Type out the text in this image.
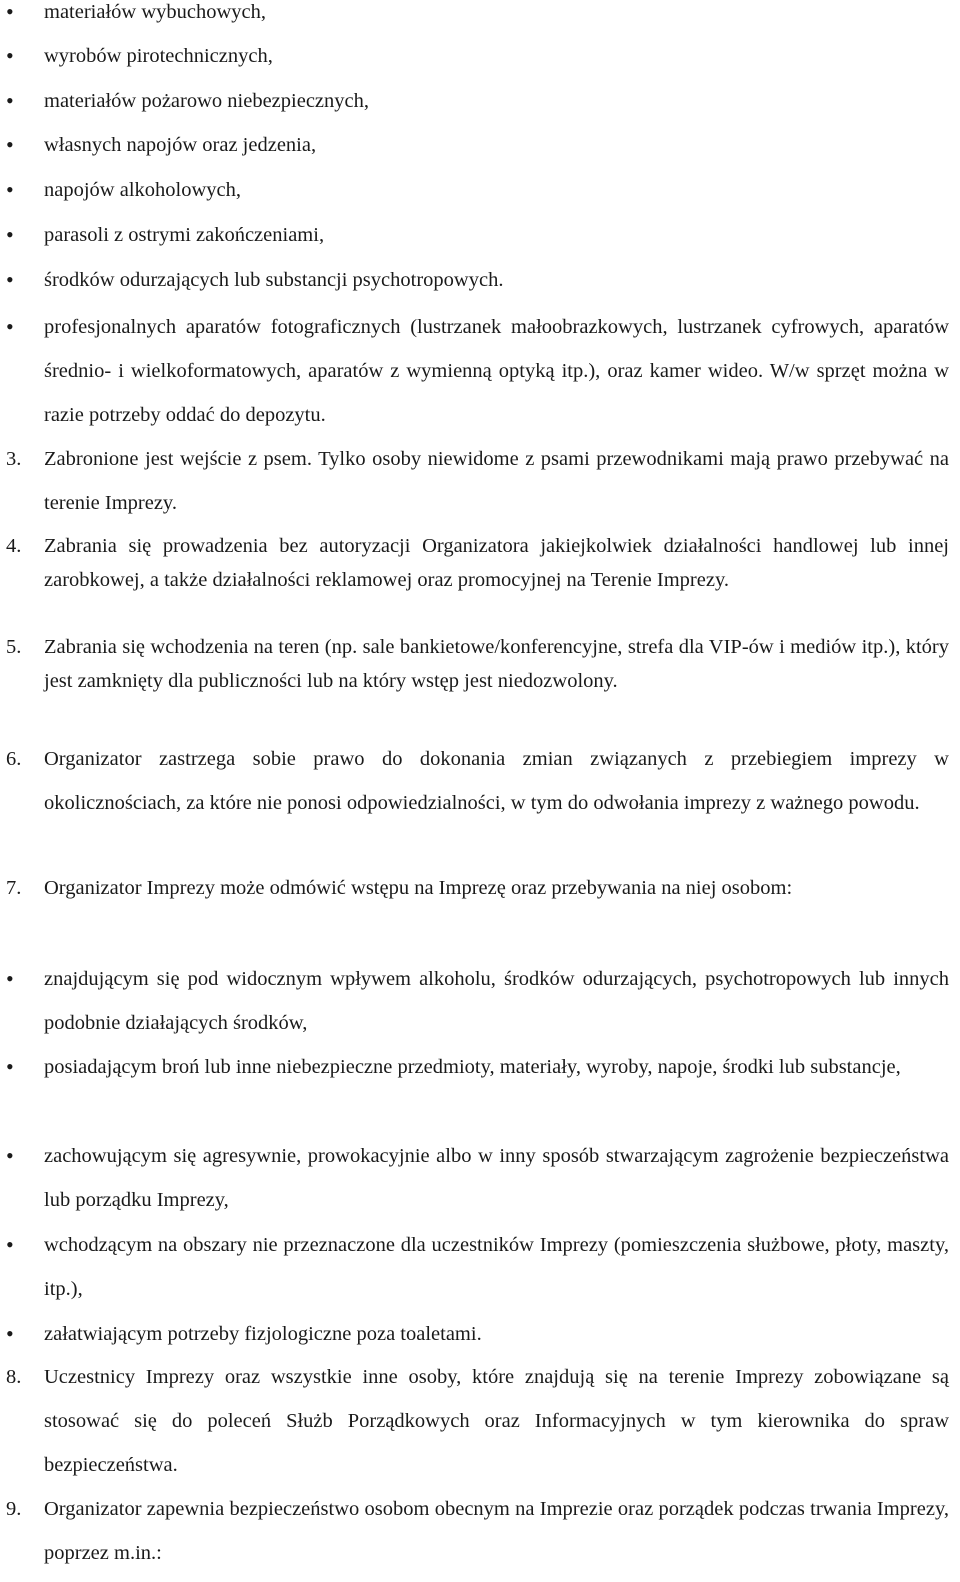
•	materiałów wybuchowych,
•	wyrobów pirotechnicznych,
•	materiałów pożarowo niebezpiecznych,
•	własnych napojów oraz jedzenia,
•	napojów alkoholowych,
•	parasoli z ostrymi zakończeniami,
•	środków odurzających lub substancji psychotropowych.
•	profesjonalnych aparatów fotograficznych (lustrzanek małoobrazkowych, lustrzanek cyfrowych, aparatów średnio- i wielkoformatowych, aparatów z wymienną optyką itp.), oraz kamer wideo. W/w sprzęt można w razie potrzeby oddać do depozytu.
3.	Zabronione jest wejście z psem. Tylko osoby niewidome z psami przewodnikami mają prawo przebywać na terenie Imprezy.
4.	Zabrania się prowadzenia bez autoryzacji Organizatora jakiejkolwiek działalności handlowej lub innej zarobkowej, a także działalności reklamowej oraz promocyjnej na Terenie Imprezy.
5.	Zabrania się wchodzenia na teren (np. sale bankietowe/konferencyjne, strefa dla VIP-ów i mediów itp.), który jest zamknięty dla publiczności lub na który wstęp jest niedozwolony.
6.	Organizator zastrzega sobie prawo do dokonania zmian związanych z przebiegiem imprezy w okolicznościach, za które nie ponosi odpowiedzialności, w tym do odwołania imprezy z ważnego powodu.
7.	Organizator Imprezy może odmówić wstępu na Imprezę oraz przebywania na niej osobom:
•	znajdującym się pod widocznym wpływem alkoholu, środków odurzających, psychotropowych lub innych podobnie działających środków,
•	posiadającym broń lub inne niebezpieczne przedmioty, materiały, wyroby, napoje, środki lub substancje,
•	zachowującym się agresywnie, prowokacyjnie albo w inny sposób stwarzającym zagrożenie bezpieczeństwa lub porządku Imprezy,
•	wchodzącym na obszary nie przeznaczone dla uczestników Imprezy (pomieszczenia służbowe, płoty, maszty, itp.),
•	załatwiającym potrzeby fizjologiczne poza toaletami.
8.	Uczestnicy Imprezy oraz wszystkie inne osoby, które znajdują się na terenie Imprezy zobowiązane są stosować się do poleceń Służb Porządkowych oraz Informacyjnych w tym kierownika do spraw bezpieczeństwa.
9.	Organizator zapewnia bezpieczeństwo osobom obecnym na Imprezie oraz porządek podczas trwania Imprezy, poprzez m.in.:
